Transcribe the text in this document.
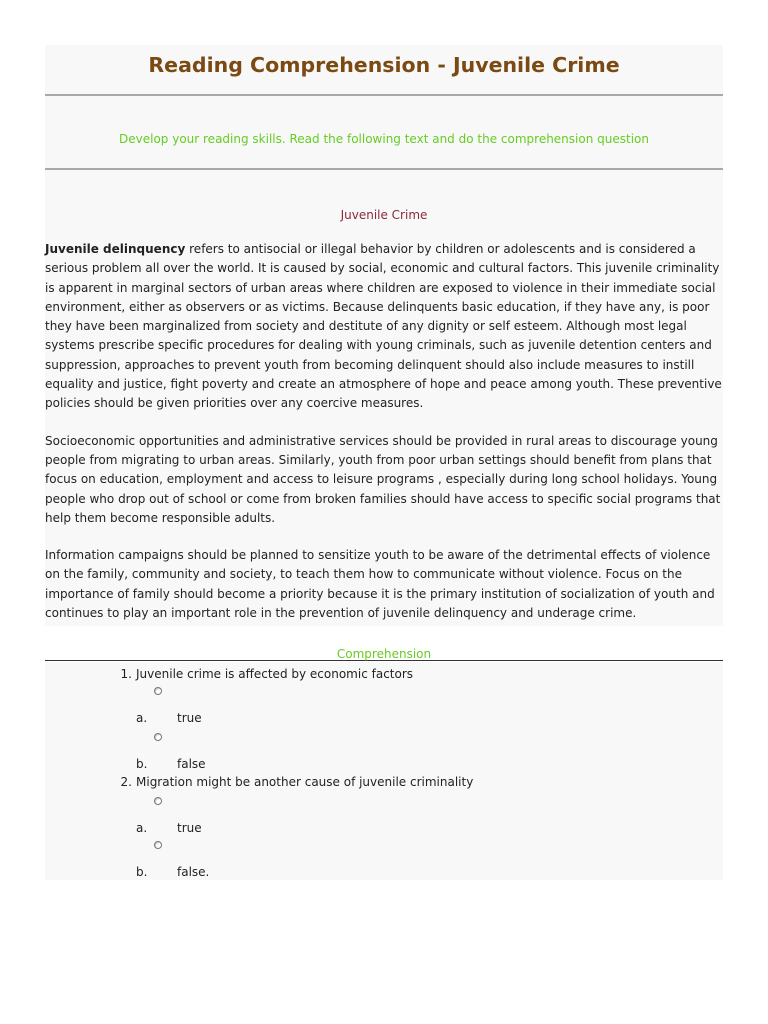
Reading Comprehension - Juvenile Crime

Develop your reading skills. Read the following text and do the comprehension question

Juvenile Crime

Juvenile delinquency refers to antisocial or illegal behavior by children or adolescents and is considered a serious problem all over the world. It is caused by social, economic and cultural factors. This juvenile criminality is apparent in marginal sectors of urban areas where children are exposed to violence in their immediate social environment, either as observers or as victims. Because delinquents basic education, if they have any, is poor they have been marginalized from society and destitute of any dignity or self esteem. Although most legal systems prescribe specific procedures for dealing with young criminals, such as juvenile detention centers and suppression, approaches to prevent youth from becoming delinquent should also include measures to instill equality and justice, fight poverty and create an atmosphere of hope and peace among youth. These preventive policies should be given priorities over any coercive measures.

Socioeconomic opportunities and administrative services should be provided in rural areas to discourage young people from migrating to urban areas. Similarly, youth from poor urban settings should benefit from plans that focus on education, employment and access to leisure programs , especially during long school holidays. Young people who drop out of school or come from broken families should have access to specific social programs that help them become responsible adults.

Information campaigns should be planned to sensitize youth to be aware of the detrimental effects of violence on the family, community and society, to teach them how to communicate without violence. Focus on the importance of family should become a priority because it is the primary institution of socialization of youth and continues to play an important role in the prevention of juvenile delinquency and underage crime.

Comprehension
1. Juvenile crime is affected by economic factors
a. true
b. false
2. Migration might be another cause of juvenile criminality
a. true
b. false.
